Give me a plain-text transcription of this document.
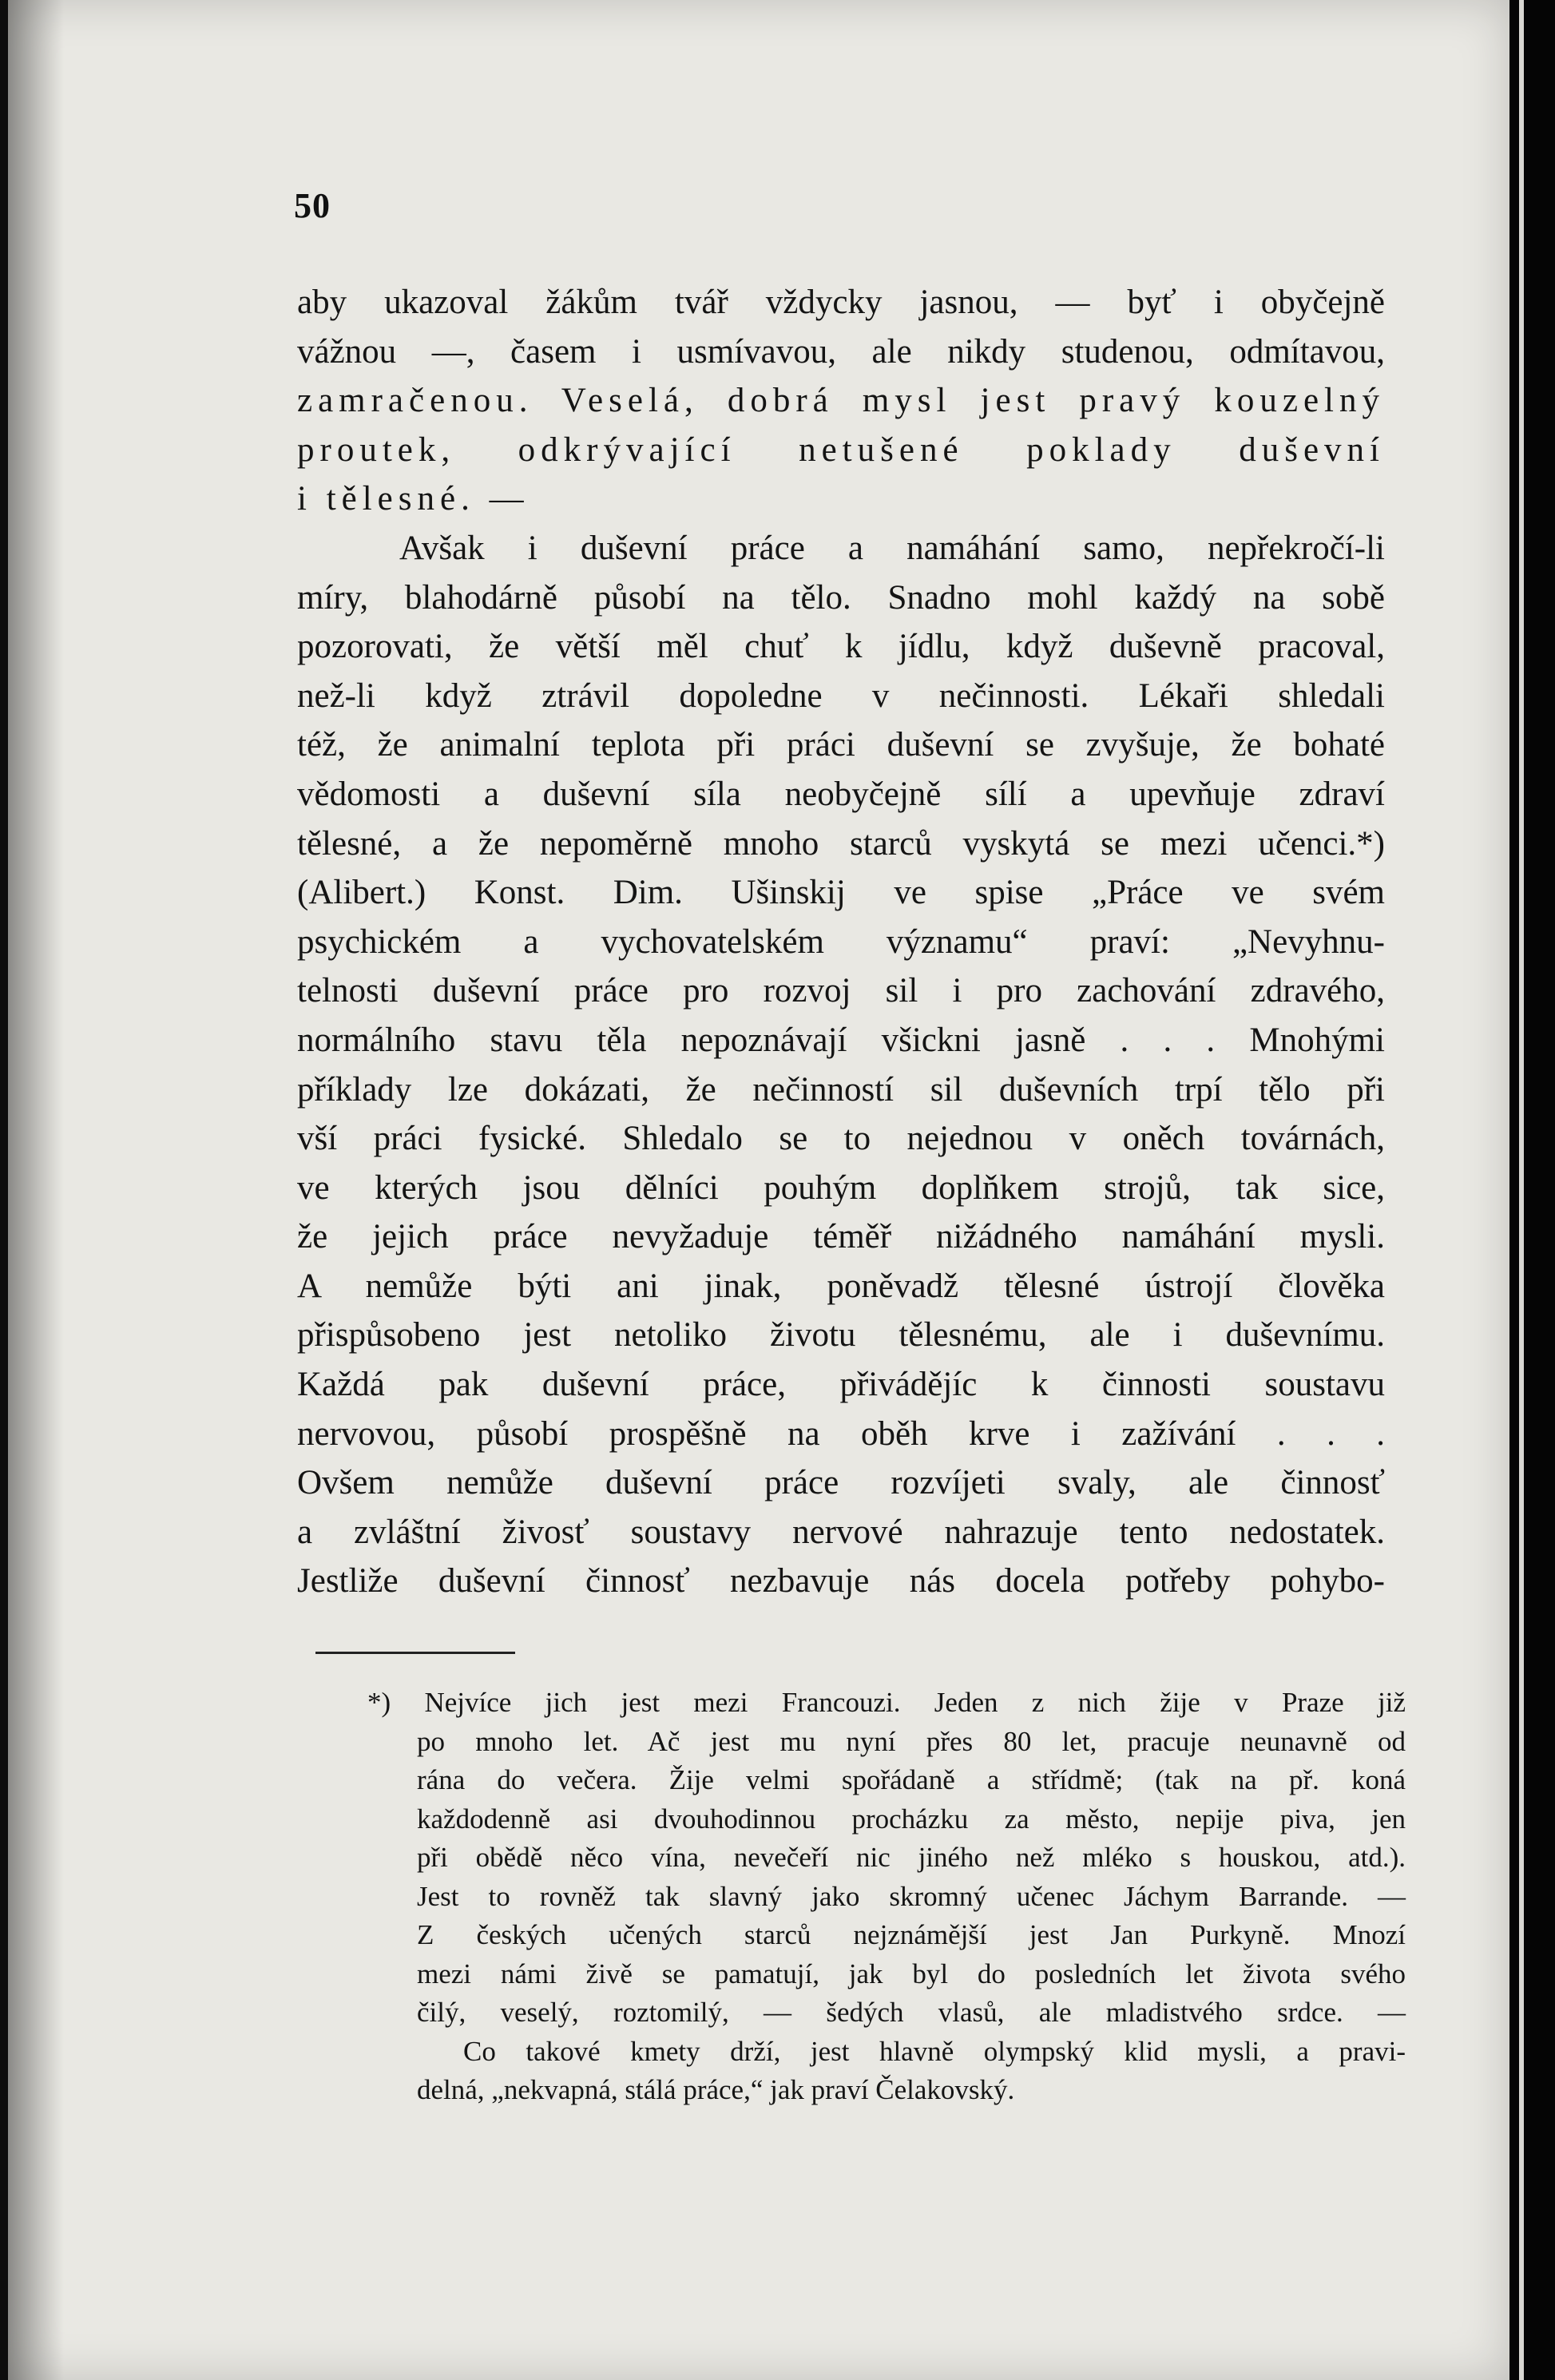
50
aby ukazoval žákům tvář vždycky jasnou, — byť i obyčejně
vážnou —, časem i usmívavou, ale nikdy studenou, odmítavou,
zamračenou. Veselá, dobrá mysl jest pravý kouzelný
proutek, odkrývající netušené poklady duševní
i tělesné. —
Avšak i duševní práce a namáhání samo, nepřekročí-li
míry, blahodárně působí na tělo. Snadno mohl každý na sobě
pozorovati, že větší měl chuť k jídlu, když duševně pracoval,
než-li když ztrávil dopoledne v nečinnosti. Lékaři shledali
též, že animalní teplota při práci duševní se zvyšuje, že bohaté
vědomosti a duševní síla neobyčejně sílí a upevňuje zdraví
tělesné, a že nepoměrně mnoho starců vyskytá se mezi učenci.*)
(Alibert.) Konst. Dim. Ušinskij ve spise „Práce ve svém
psychickém a vychovatelském významu“ praví: „Nevyhnu-
telnosti duševní práce pro rozvoj sil i pro zachování zdravého,
normálního stavu těla nepoznávají všickni jasně . . . Mnohými
příklady lze dokázati, že nečinností sil duševních trpí tělo při
vší práci fysické. Shledalo se to nejednou v oněch továrnách,
ve kterých jsou dělníci pouhým doplňkem strojů, tak sice,
že jejich práce nevyžaduje téměř nižádného namáhání mysli.
A nemůže býti ani jinak, poněvadž tělesné ústrojí člověka
přispůsobeno jest netoliko životu tělesnému, ale i duševnímu.
Každá pak duševní práce, přivádějíc k činnosti soustavu
nervovou, působí prospěšně na oběh krve i zažívání . . .
Ovšem nemůže duševní práce rozvíjeti svaly, ale činnosť
a zvláštní živosť soustavy nervové nahrazuje tento nedostatek.
Jestliže duševní činnosť nezbavuje nás docela potřeby pohybo-
*) Nejvíce jich jest mezi Francouzi. Jeden z nich žije v Praze již
po mnoho let. Ač jest mu nyní přes 80 let, pracuje neunavně od
rána do večera. Žije velmi spořádaně a střídmě; (tak na př. koná
každodenně asi dvouhodinnou procházku za město, nepije piva, jen
při obědě něco vína, nevečeří nic jiného než mléko s houskou, atd.).
Jest to rovněž tak slavný jako skromný učenec Jáchym Barrande. —
Z českých učených starců nejznámější jest Jan Purkyně. Mnozí
mezi námi živě se pamatují, jak byl do posledních let života svého
čilý, veselý, roztomilý, — šedých vlasů, ale mladistvého srdce. —
Co takové kmety drží, jest hlavně olympský klid mysli, a pravi-
delná, „nekvapná, stálá práce,“ jak praví Čelakovský.
